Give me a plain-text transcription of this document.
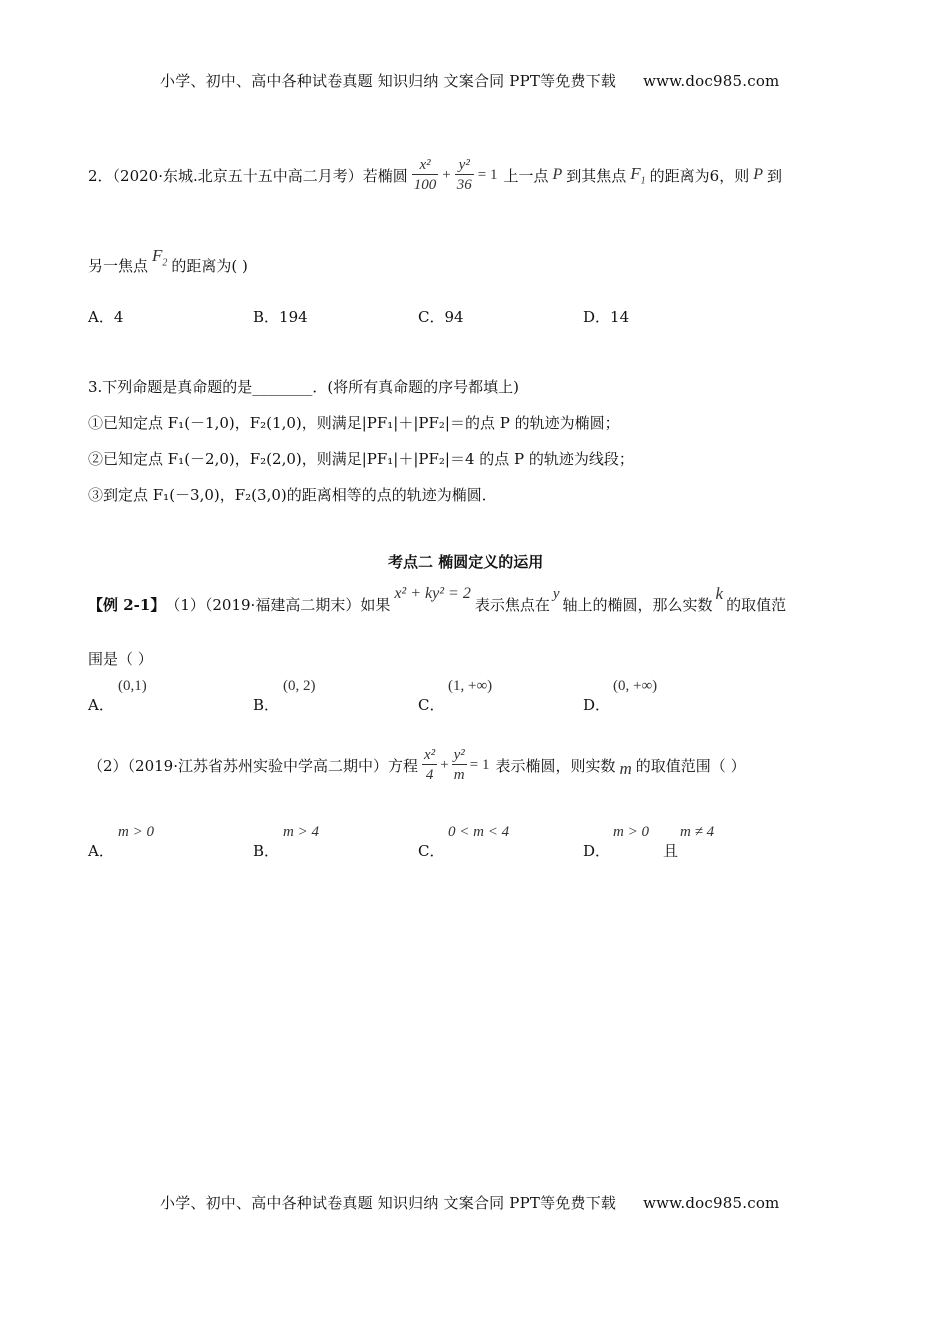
小学、初中、高中各种试卷真题 知识归纳 文案合同 PPT等免费下载 www.doc985.com
2．（2020·东城.北京五十五中高二月考）若椭圆 $\frac{\text{x²}}{100} + \frac{\text{y²}}{36} = 1$ 上一点 P 到其焦点 $F_1$ 的距离为6，则 P 到
另一焦点
$F_2$ 的距离为( )
A．4	B．194	C．94	D．14
3.下列命题是真命题的是________．(将所有真命题的序号都填上)
①已知定点 F₁(－1,0)，F₂(1,0)，则满足|PF₁|＋|PF₂|＝的点 P 的轨迹为椭圆；
②已知定点 F₁(－2,0)，F₂(2,0)，则满足|PF₁|＋|PF₂|＝4 的点 P 的轨迹为线段；
③到定点 F₁(－3,0)，F₂(3,0)的距离相等的点的轨迹为椭圆．
考点二 椭圆定义的运用
【例 2-1】 （1）（2019·福建高二期末）如果
x² + ky² = 2
表示焦点在
y
轴上的椭圆，那么实数
k
的取值范
围是（ ）
A．
(0,1)
B．
(0, 2)
C．
(1, +∞)
D．
(0, +∞)
（2）（2019·江苏省苏州实验中学高二期中）方程 $\frac{\text{x²}}{4} + \frac{\text{y²}}{m} = 1$ 表示椭圆，则实数 m 的取值范围（ ）
A．
m > 0
B．
m > 4
C．
0 < m < 4
D．
m > 0
且
m ≠ 4
小学、初中、高中各种试卷真题 知识归纳 文案合同 PPT等免费下载 www.doc985.com
